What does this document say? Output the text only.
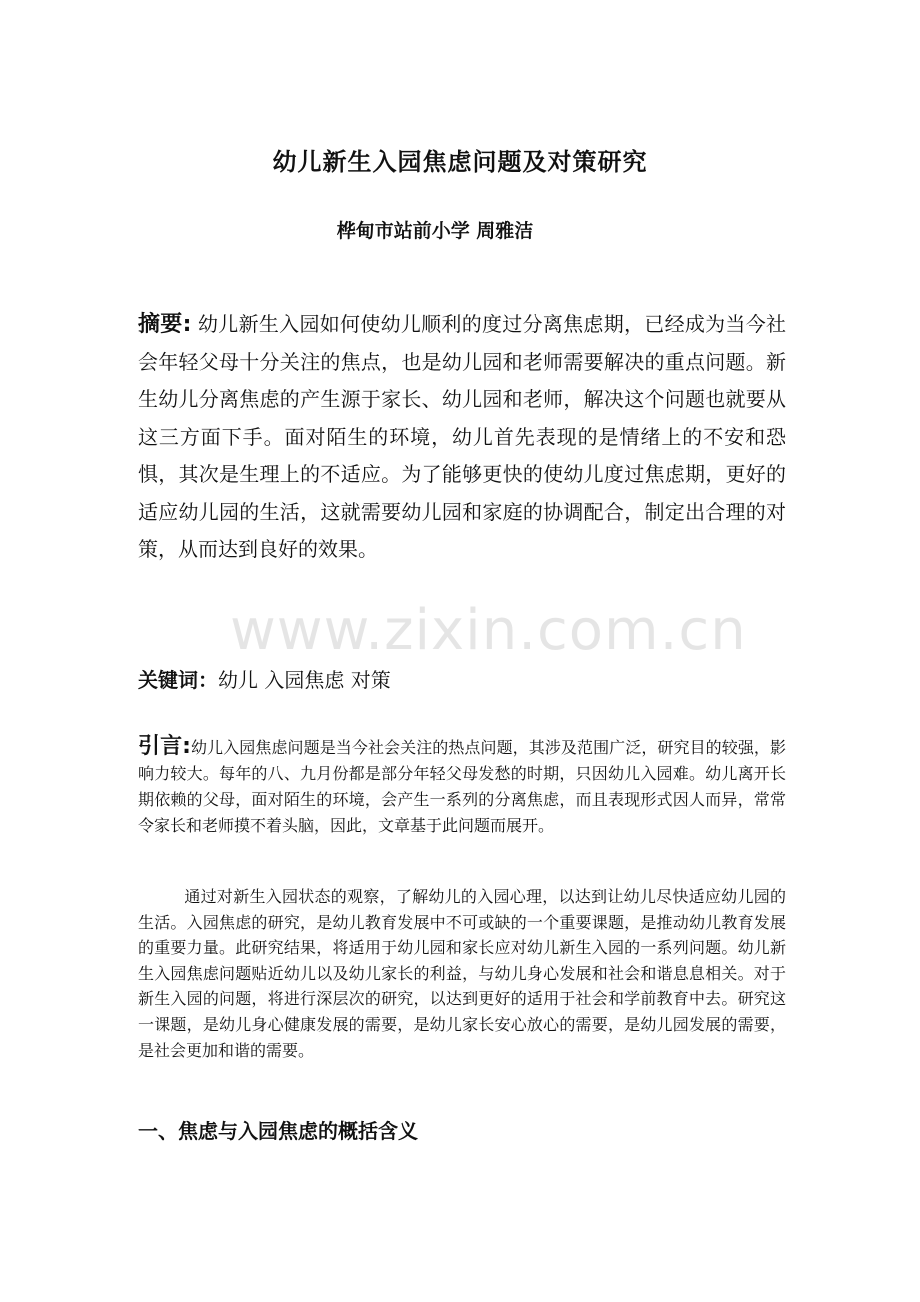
幼儿新生入园焦虑问题及对策研究
桦甸市站前小学 周雅洁

摘要: 幼儿新生入园如何使幼儿顺利的度过分离焦虑期，已经成为当今社会年轻父母十分关注的焦点，也是幼儿园和老师需要解决的重点问题。新生幼儿分离焦虑的产生源于家长、幼儿园和老师，解决这个问题也就要从这三方面下手。面对陌生的环境，幼儿首先表现的是情绪上的不安和恐惧，其次是生理上的不适应。为了能够更快的使幼儿度过焦虑期，更好的适应幼儿园的生活，这就需要幼儿园和家庭的协调配合，制定出合理的对策，从而达到良好的效果。

关键词：幼儿 入园焦虑 对策

引言:幼儿入园焦虑问题是当今社会关注的热点问题，其涉及范围广泛，研究目的较强，影响力较大。每年的八、九月份都是部分年轻父母发愁的时期，只因幼儿入园难。幼儿离开长期依赖的父母，面对陌生的环境，会产生一系列的分离焦虑，而且表现形式因人而异，常常令家长和老师摸不着头脑，因此，文章基于此问题而展开。

通过对新生入园状态的观察，了解幼儿的入园心理，以达到让幼儿尽快适应幼儿园的生活。入园焦虑的研究，是幼儿教育发展中不可或缺的一个重要课题，是推动幼儿教育发展的重要力量。此研究结果，将适用于幼儿园和家长应对幼儿新生入园的一系列问题。幼儿新生入园焦虑问题贴近幼儿以及幼儿家长的利益，与幼儿身心发展和社会和谐息息相关。对于新生入园的问题，将进行深层次的研究，以达到更好的适用于社会和学前教育中去。研究这一课题，是幼儿身心健康发展的需要，是幼儿家长安心放心的需要，是幼儿园发展的需要，是社会更加和谐的需要。

一、焦虑与入园焦虑的概括含义
www.zixin.com.cn
